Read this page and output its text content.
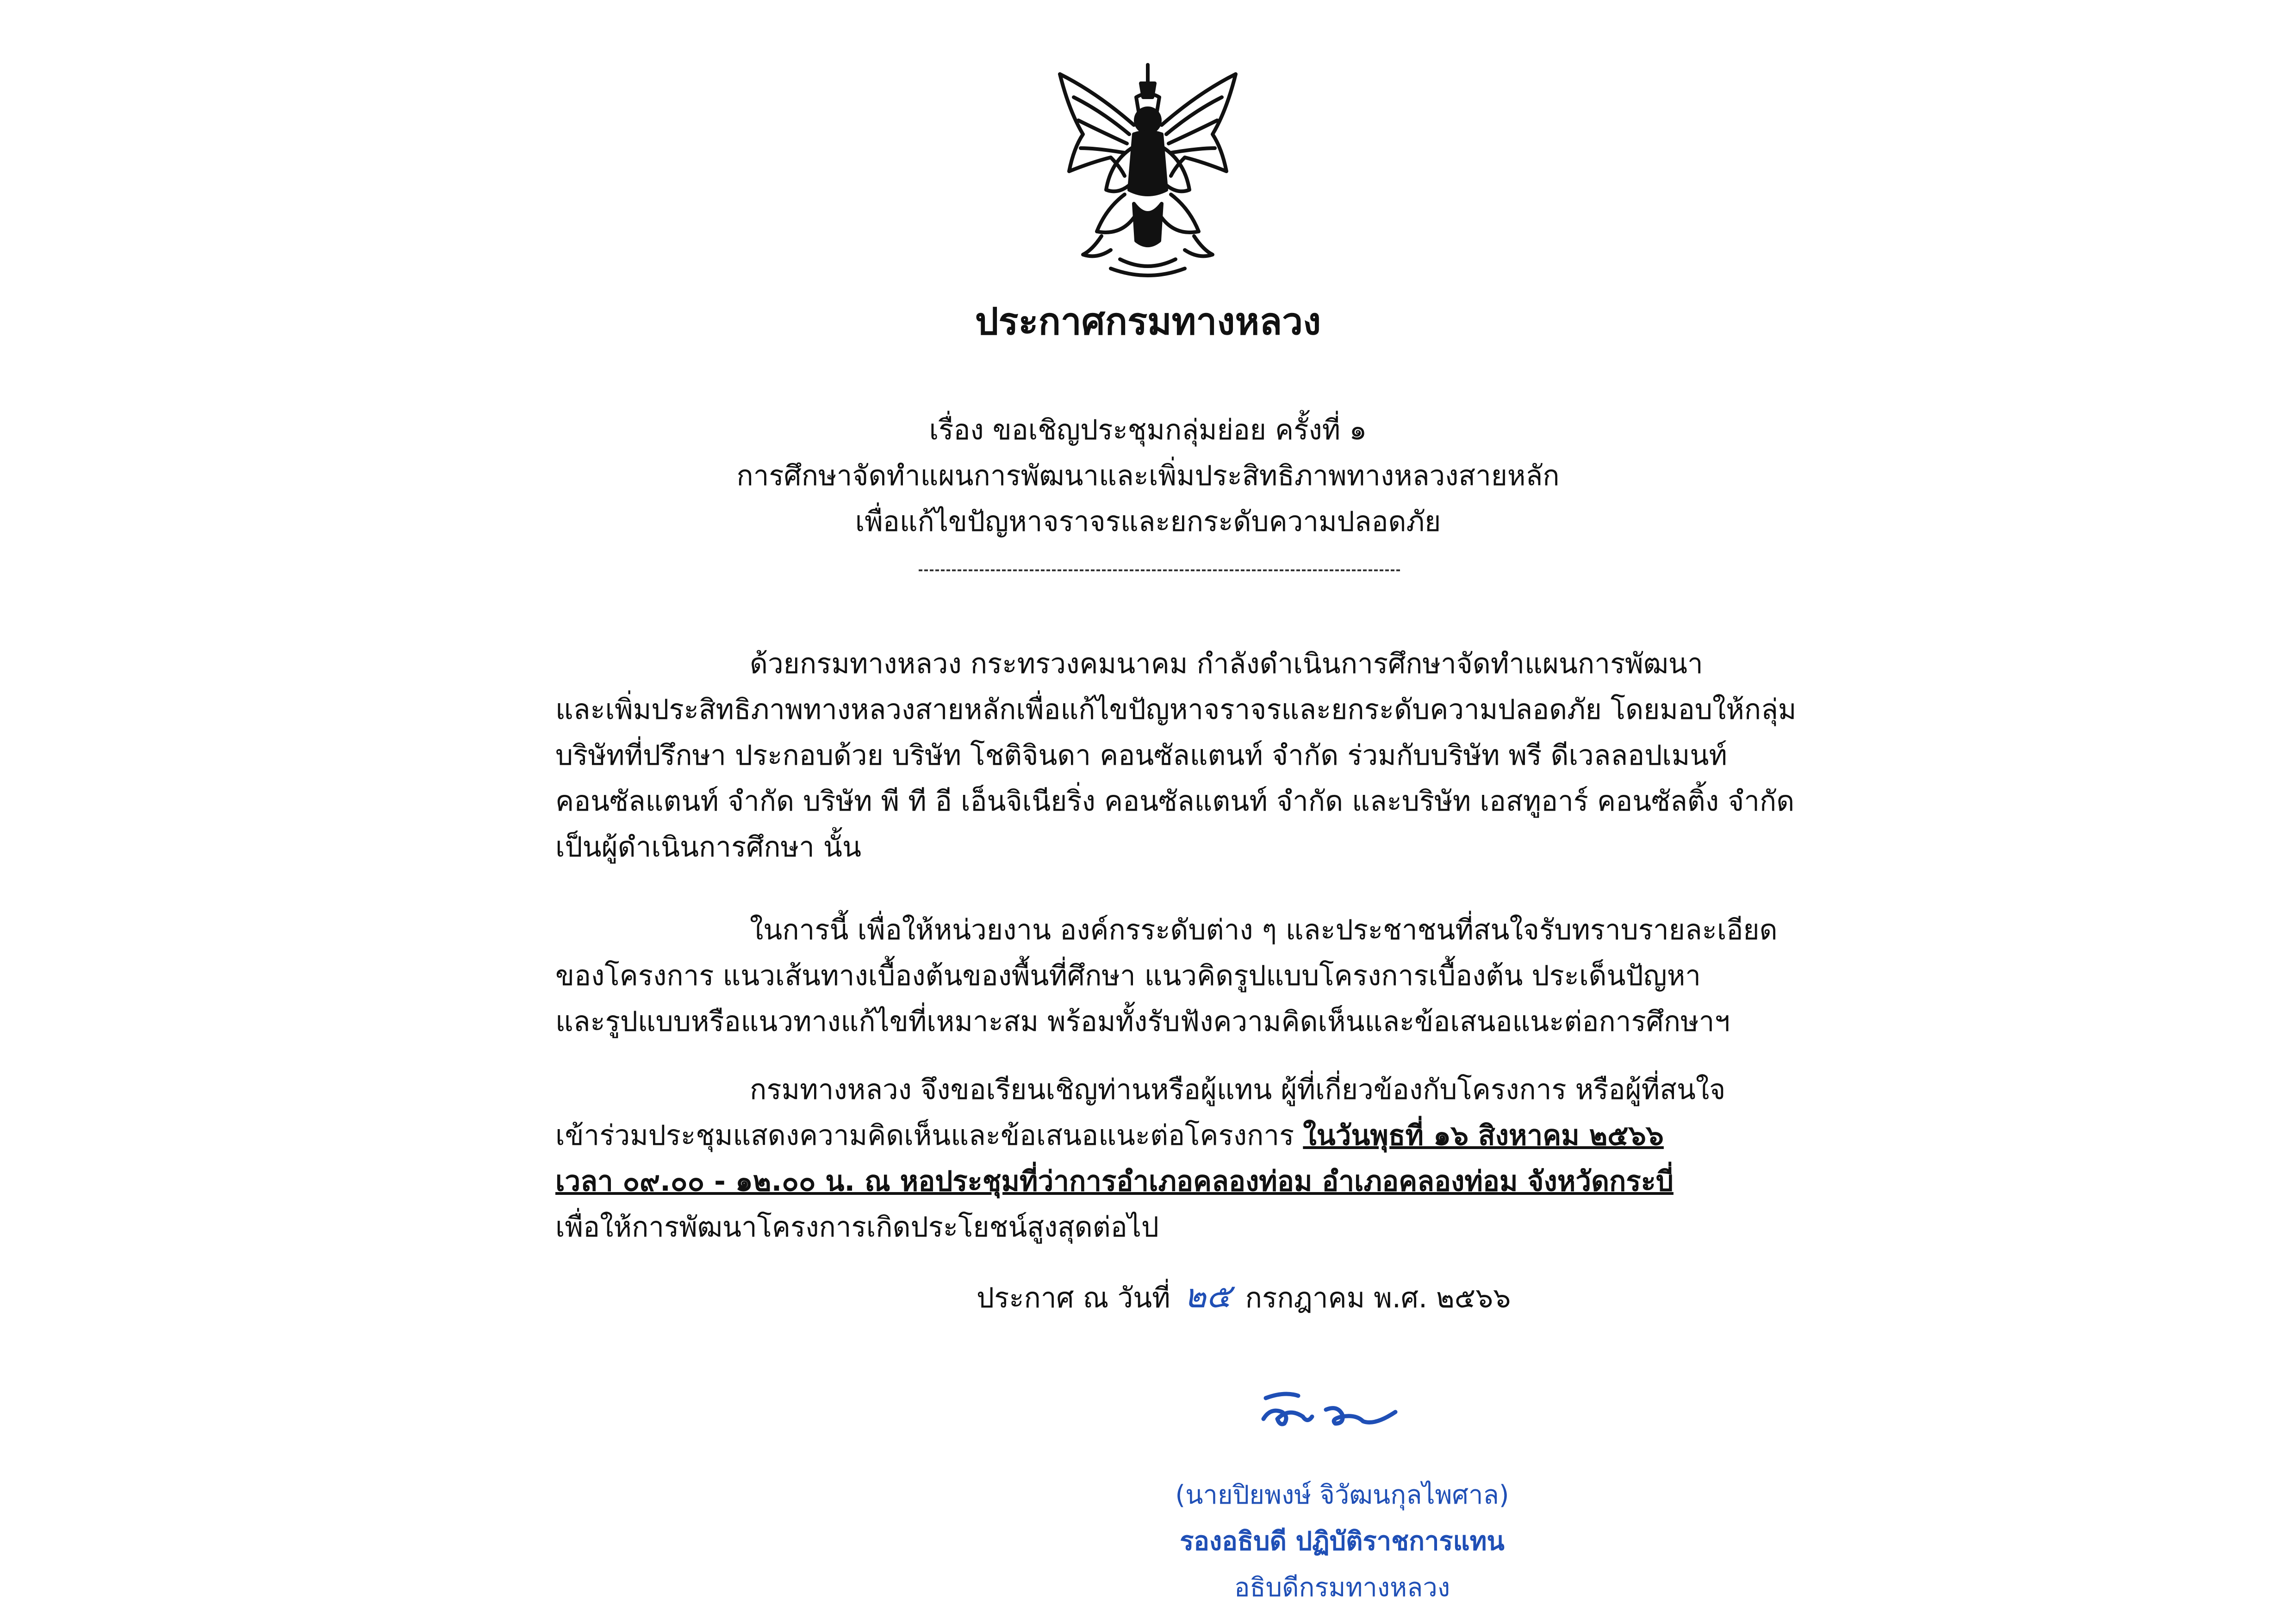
ประกาศกรมทางหลวง
เรื่อง ขอเชิญประชุมกลุ่มย่อย ครั้งที่ ๑
การศึกษาจัดทำแผนการพัฒนาและเพิ่มประสิทธิภาพทางหลวงสายหลัก
เพื่อแก้ไขปัญหาจราจรและยกระดับความปลอดภัย
ด้วยกรมทางหลวง กระทรวงคมนาคม กำลังดำเนินการศึกษาจัดทำแผนการพัฒนา
และเพิ่มประสิทธิภาพทางหลวงสายหลักเพื่อแก้ไขปัญหาจราจรและยกระดับความปลอดภัย โดยมอบให้กลุ่ม
บริษัทที่ปรึกษา ประกอบด้วย บริษัท โชติจินดา คอนซัลแตนท์ จำกัด ร่วมกับบริษัท พรี ดีเวลลอปเมนท์
คอนซัลแตนท์ จำกัด บริษัท พี ที อี เอ็นจิเนียริ่ง คอนซัลแตนท์ จำกัด และบริษัท เอสทูอาร์ คอนซัลติ้ง จำกัด
เป็นผู้ดำเนินการศึกษา นั้น
ในการนี้ เพื่อให้หน่วยงาน องค์กรระดับต่าง ๆ และประชาชนที่สนใจรับทราบรายละเอียด
ของโครงการ แนวเส้นทางเบื้องต้นของพื้นที่ศึกษา แนวคิดรูปแบบโครงการเบื้องต้น ประเด็นปัญหา
และรูปแบบหรือแนวทางแก้ไขที่เหมาะสม พร้อมทั้งรับฟังความคิดเห็นและข้อเสนอแนะต่อการศึกษาฯ
กรมทางหลวง จึงขอเรียนเชิญท่านหรือผู้แทน ผู้ที่เกี่ยวข้องกับโครงการ หรือผู้ที่สนใจ
เข้าร่วมประชุมแสดงความคิดเห็นและข้อเสนอแนะต่อโครงการ ในวันพุธที่ ๑๖ สิงหาคม ๒๕๖๖
เวลา ๐๙.๐๐ - ๑๒.๐๐ น. ณ หอประชุมที่ว่าการอำเภอคลองท่อม อำเภอคลองท่อม จังหวัดกระบี่
เพื่อให้การพัฒนาโครงการเกิดประโยชน์สูงสุดต่อไป
ประกาศ ณ วันที่ ๒๕ กรกฎาคม พ.ศ. ๒๕๖๖
(นายปิยพงษ์ จิวัฒนกุลไพศาล)
รองอธิบดี ปฏิบัติราชการแทน
อธิบดีกรมทางหลวง
